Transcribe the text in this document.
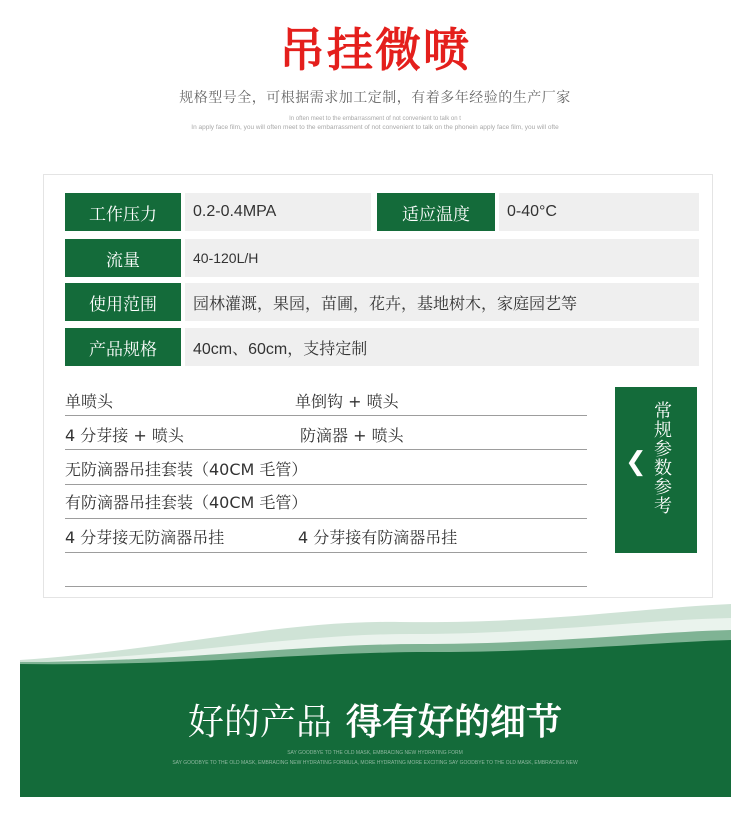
吊挂微喷
规格型号全，可根据需求加工定制，有着多年经验的生产厂家
In often meet to the embarrassment of not convenient to talk on t
In apply face film, you will often meet to the embarrassment of not convenient to talk on the phonein apply face film, you will ofte
工作压力	0.2-0.4MPA	适应温度	0-40°C
流量	40-120L/H
使用范围	园林灌溉，果园，苗圃，花卉，基地树木，家庭园艺等
产品规格	40cm、60cm，支持定制
单喷头	单倒钩 + 喷头
4 分芽接 + 喷头	防滴器 + 喷头
无防滴器吊挂套装（40CM 毛管）
有防滴器吊挂套装（40CM 毛管）
4 分芽接无防滴器吊挂	4 分芽接有防滴器吊挂
❮ 常规参数参考
好的产品 得有好的细节
SAY GOODBYE TO THE OLD MASK, EMBRACING NEW HYDRATING FORM
SAY GOODBYE TO THE OLD MASK, EMBRACING NEW HYDRATING FORMULA, MORE HYDRATING MORE EXCITING SAY GOODBYE TO THE OLD MASK, EMBRACING NEW
